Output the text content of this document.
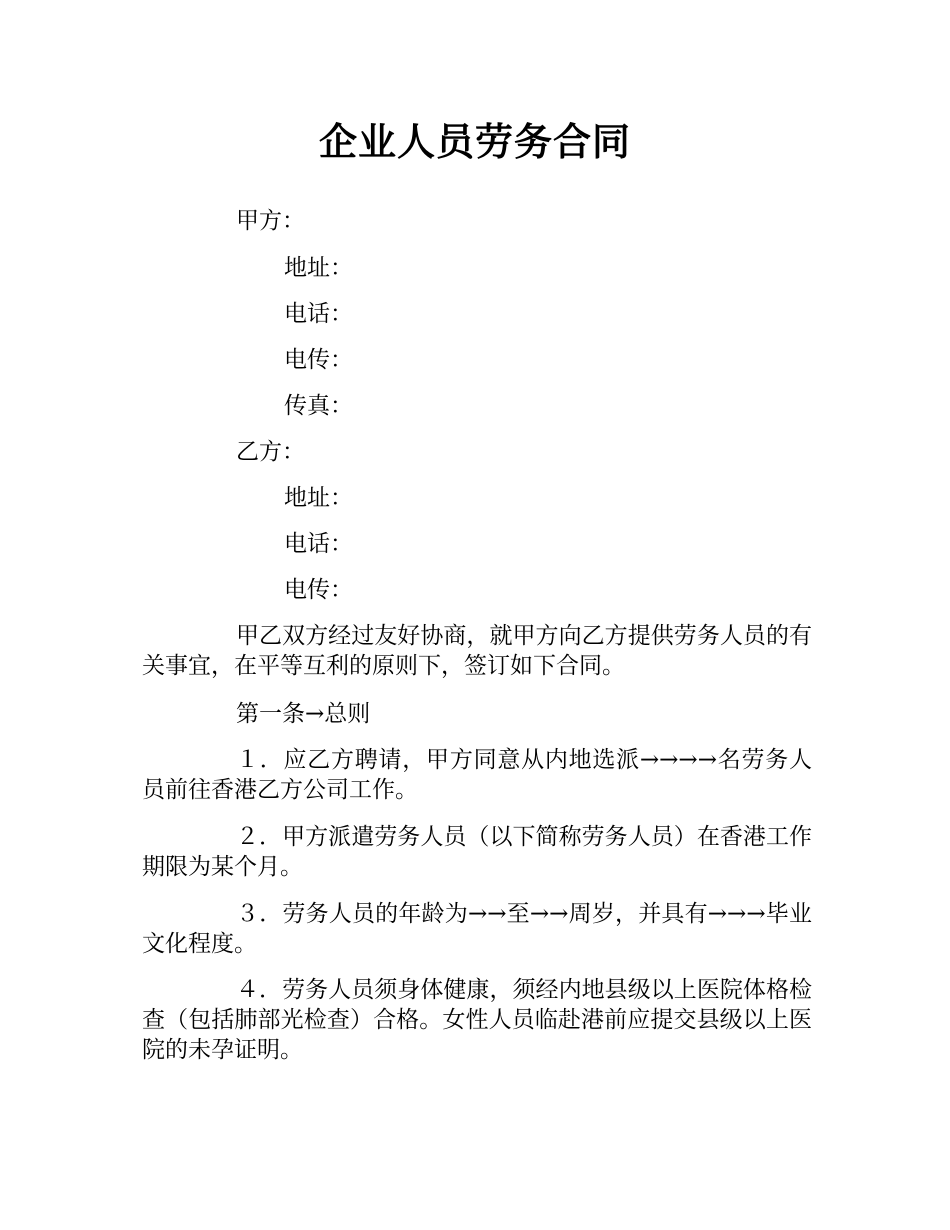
企业人员劳务合同
甲方：
地址：
电话：
电传：
传真：
乙方：
地址：
电话：
电传：
甲乙双方经过友好协商，就甲方向乙方提供劳务人员的有关事宜，在平等互利的原则下，签订如下合同。
第一条→总则
１．应乙方聘请，甲方同意从内地选派→→→→名劳务人员前往香港乙方公司工作。
２．甲方派遣劳务人员（以下简称劳务人员）在香港工作期限为某个月。
３．劳务人员的年龄为→→至→→周岁，并具有→→→毕业文化程度。
４．劳务人员须身体健康，须经内地县级以上医院体格检查（包括肺部光检查）合格。女性人员临赴港前应提交县级以上医院的未孕证明。
